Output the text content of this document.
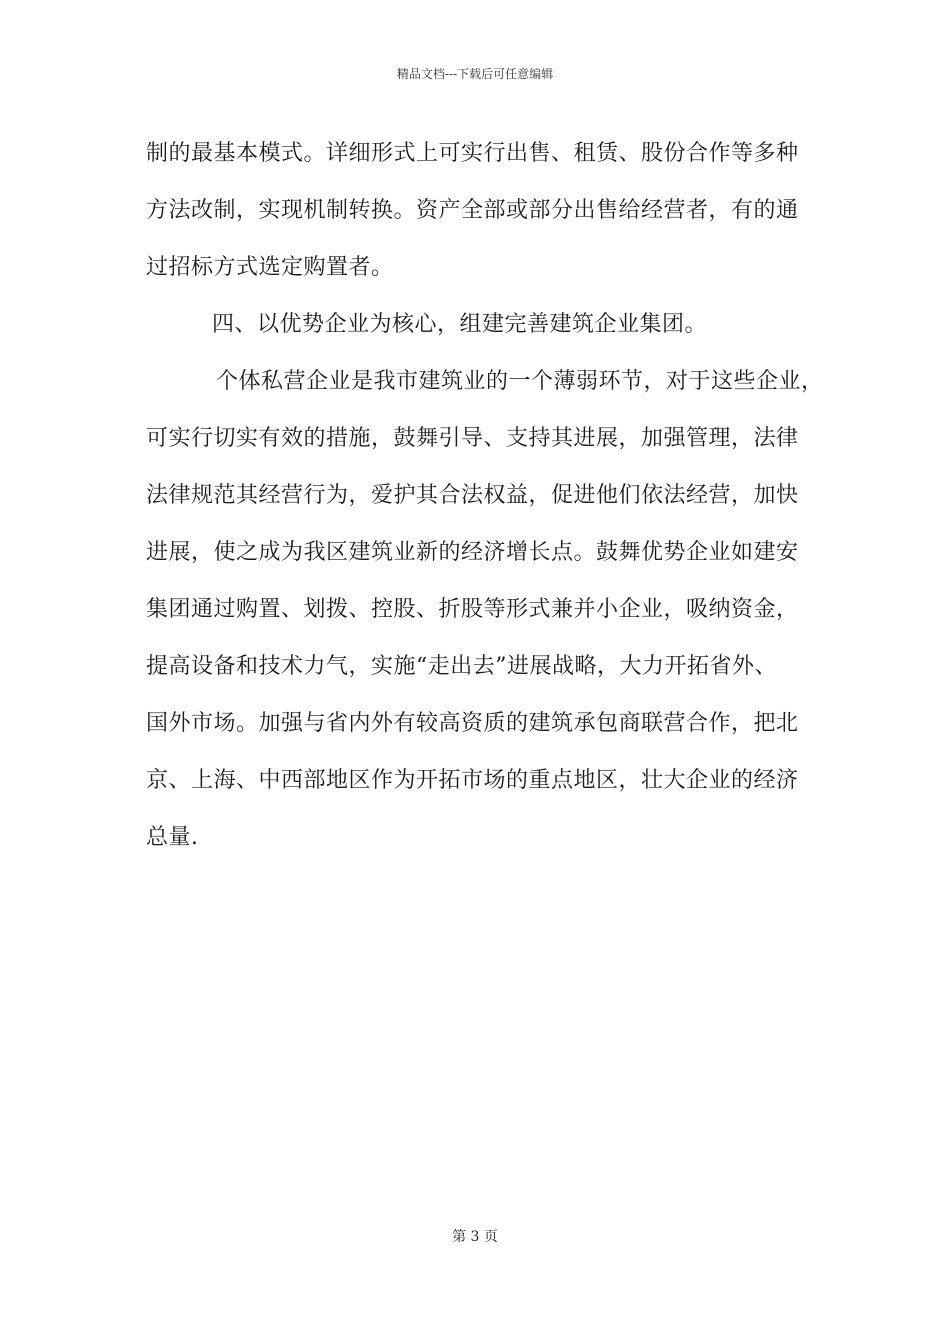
精品文档---下载后可任意编辑
制的最基本模式。详细形式上可实行出售、租赁、股份合作等多种
方法改制，实现机制转换。资产全部或部分出售给经营者，有的通
过招标方式选定购置者。
四、以优势企业为核心，组建完善建筑企业集团。
个体私营企业是我市建筑业的一个薄弱环节，对于这些企业，
可实行切实有效的措施，鼓舞引导、支持其进展，加强管理，法律
法律规范其经营行为，爱护其合法权益，促进他们依法经营，加快
进展，使之成为我区建筑业新的经济增长点。鼓舞优势企业如建安
集团通过购置、划拨、控股、折股等形式兼并小企业，吸纳资金，
提高设备和技术力气，实施“走出去”进展战略，大力开拓省外、
国外市场。加强与省内外有较高资质的建筑承包商联营合作，把北
京、上海、中西部地区作为开拓市场的重点地区，壮大企业的经济
总量.
第 3 页
